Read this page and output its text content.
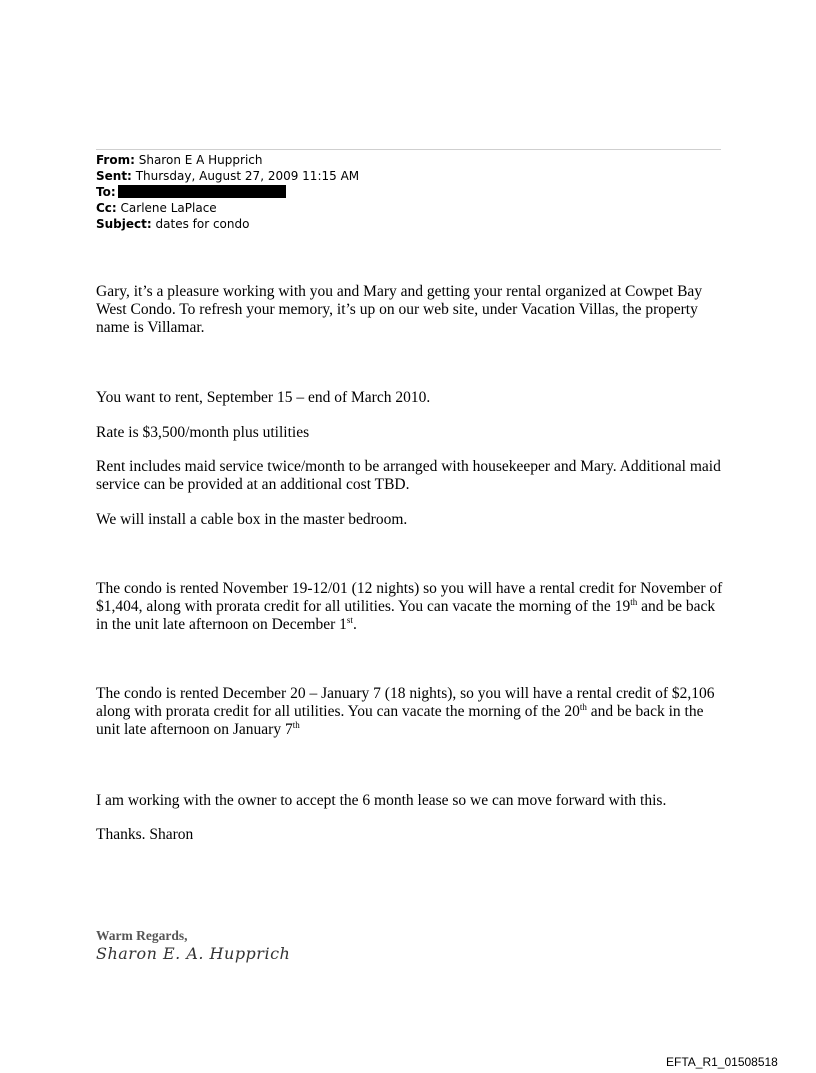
From: Sharon E A Hupprich
Sent: Thursday, August 27, 2009 11:15 AM
To:
Cc: Carlene LaPlace
Subject: dates for condo

Gary, it’s a pleasure working with you and Mary and getting your rental organized at Cowpet Bay West Condo. To refresh your memory, it’s up on our web site, under Vacation Villas, the property name is Villamar.

You want to rent, September 15 – end of March 2010.

Rate is $3,500/month plus utilities

Rent includes maid service twice/month to be arranged with housekeeper and Mary. Additional maid service can be provided at an additional cost TBD.

We will install a cable box in the master bedroom.

The condo is rented November 19-12/01 (12 nights) so you will have a rental credit for November of $1,404, along with prorata credit for all utilities. You can vacate the morning of the 19th and be back in the unit late afternoon on December 1st.

The condo is rented December 20 – January 7 (18 nights), so you will have a rental credit of $2,106 along with prorata credit for all utilities. You can vacate the morning of the 20th and be back in the unit late afternoon on January 7th

I am working with the owner to accept the 6 month lease so we can move forward with this.

Thanks. Sharon

Warm Regards,
Sharon E. A. Hupprich
EFTA_R1_01508518
